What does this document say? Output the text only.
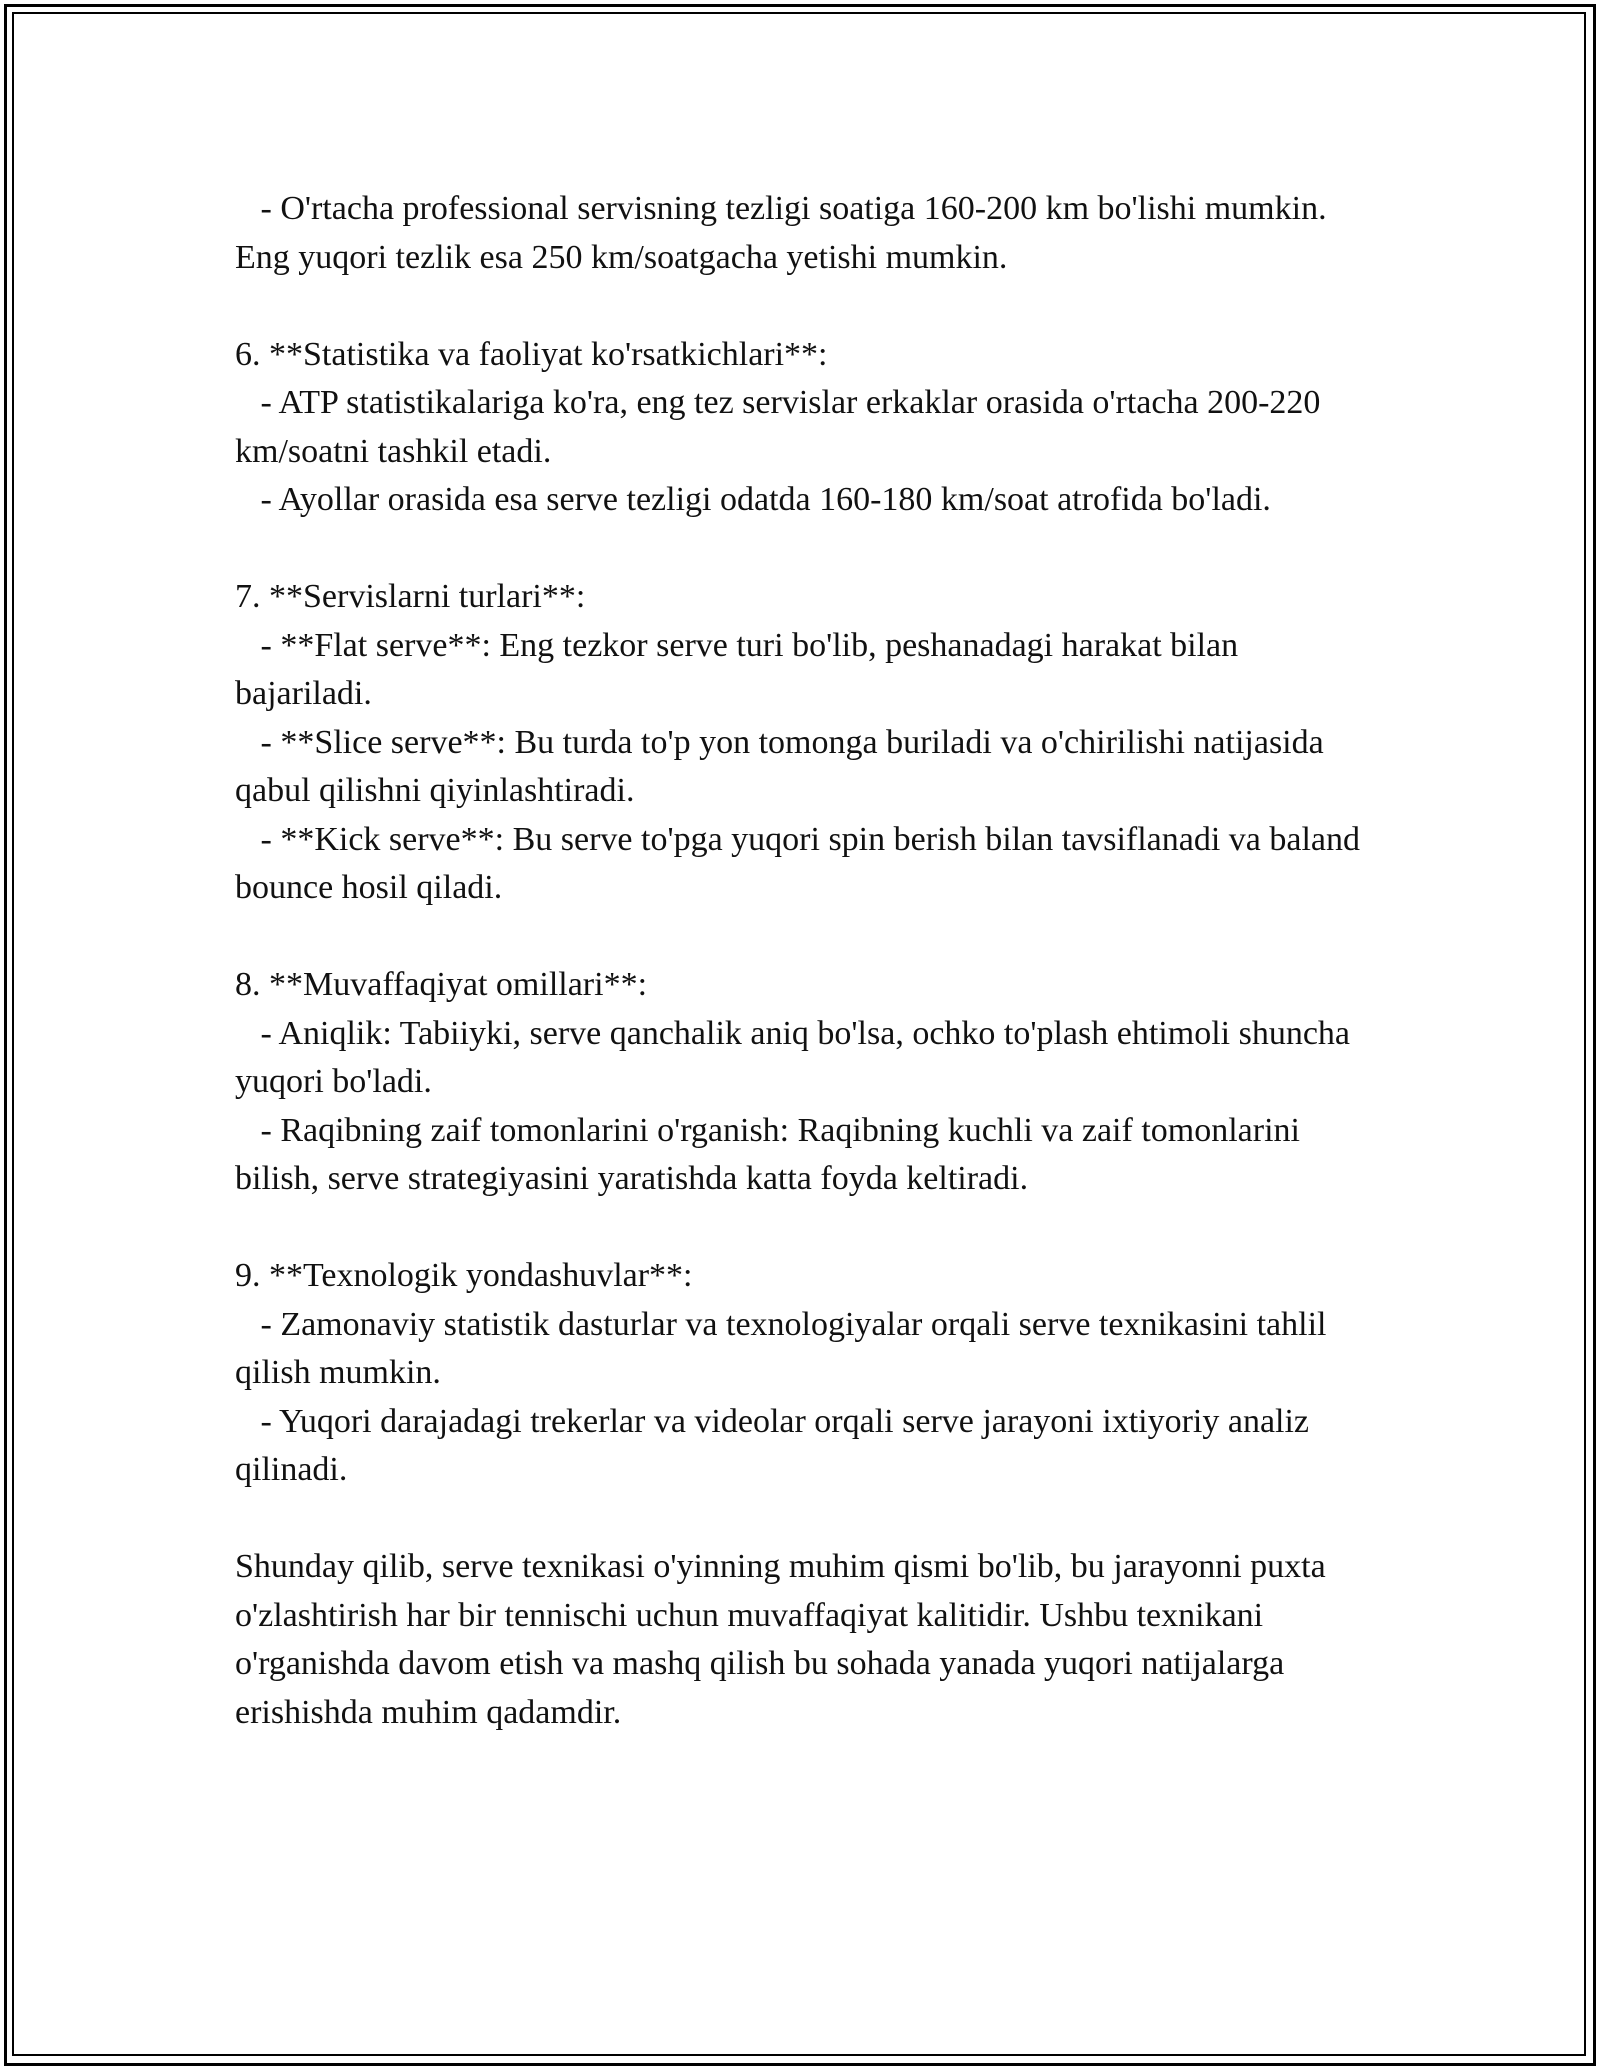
- O'rtacha professional servisning tezligi soatiga 160-200 km bo'lishi mumkin. Eng yuqori tezlik esa 250 km/soatgacha yetishi mumkin.

6. **Statistika va faoliyat ko'rsatkichlari**:

- ATP statistikalariga ko'ra, eng tez servislar erkaklar orasida o'rtacha 200-220 km/soatni tashkil etadi.

- Ayollar orasida esa serve tezligi odatda 160-180 km/soat atrofida bo'ladi.

7. **Servislarni turlari**:

- **Flat serve**: Eng tezkor serve turi bo'lib, peshanadagi harakat bilan bajariladi.

- **Slice serve**: Bu turda to'p yon tomonga buriladi va o'chirilishi natijasida qabul qilishni qiyinlashtiradi.

- **Kick serve**: Bu serve to'pga yuqori spin berish bilan tavsiflanadi va baland bounce hosil qiladi.

8. **Muvaffaqiyat omillari**:

- Aniqlik: Tabiiyki, serve qanchalik aniq bo'lsa, ochko to'plash ehtimoli shuncha yuqori bo'ladi.

- Raqibning zaif tomonlarini o'rganish: Raqibning kuchli va zaif tomonlarini bilish, serve strategiyasini yaratishda katta foyda keltiradi.

9. **Texnologik yondashuvlar**:

- Zamonaviy statistik dasturlar va texnologiyalar orqali serve texnikasini tahlil qilish mumkin.

- Yuqori darajadagi trekerlar va videolar orqali serve jarayoni ixtiyoriy analiz qilinadi.

Shunday qilib, serve texnikasi o'yinning muhim qismi bo'lib, bu jarayonni puxta o'zlashtirish har bir tennischi uchun muvaffaqiyat kalitidir. Ushbu texnikani o'rganishda davom etish va mashq qilish bu sohada yanada yuqori natijalarga erishishda muhim qadamdir.
